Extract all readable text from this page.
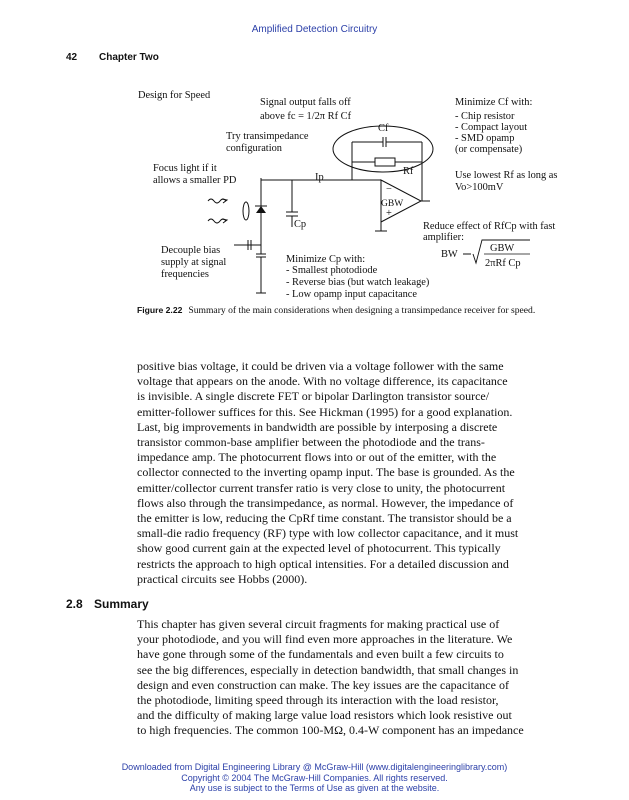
Amplified Detection Circuitry
42 Chapter Two
Design for Speed
Signal output falls off
above fc = 1/2π Rf Cf
Try transimpedance
configuration
Focus light if it
allows a smaller PD
Decouple bias
supply at signal
frequencies
Minimize Cf with:
- Chip resistor
- Compact layout
- SMD opamp
(or compensate)
Use lowest Rf as long as
Vo>100mV
Reduce effect of RfCp with fast
amplifier:
BW
GBW
2πRf Cp
Minimize Cp with:
- Smallest photodiode
- Reverse bias (but watch leakage)
- Low opamp input capacitance
Cp
Ip
−
+
GBW
Cf
Rf
Figure 2.22 Summary of the main considerations when designing a transimpedance receiver for speed.
positive bias voltage, it could be driven via a voltage follower with the same
voltage that appears on the anode. With no voltage difference, its capacitance
is invisible. A single discrete FET or bipolar Darlington transistor source/
emitter-follower suffices for this. See Hickman (1995) for a good explanation.
Last, big improvements in bandwidth are possible by interposing a discrete
transistor common-base amplifier between the photodiode and the trans-
impedance amp. The photocurrent flows into or out of the emitter, with the
collector connected to the inverting opamp input. The base is grounded. As the
emitter/collector current transfer ratio is very close to unity, the photocurrent
flows also through the transimpedance, as normal. However, the impedance of
the emitter is low, reducing the CpRf time constant. The transistor should be a
small-die radio frequency (RF) type with low collector capacitance, and it must
show good current gain at the expected level of photocurrent. This typically
restricts the approach to high optical intensities. For a detailed discussion and
practical circuits see Hobbs (2000).
2.8 Summary
This chapter has given several circuit fragments for making practical use of
your photodiode, and you will find even more approaches in the literature. We
have gone through some of the fundamentals and even built a few circuits to
see the big differences, especially in detection bandwidth, that small changes in
design and even construction can make. The key issues are the capacitance of
the photodiode, limiting speed through its interaction with the load resistor,
and the difficulty of making large value load resistors which look resistive out
to high frequencies. The common 100-MΩ, 0.4-W component has an impedance
Downloaded from Digital Engineering Library @ McGraw-Hill (www.digitalengineeringlibrary.com)
Copyright © 2004 The McGraw-Hill Companies. All rights reserved.
Any use is subject to the Terms of Use as given at the website.
